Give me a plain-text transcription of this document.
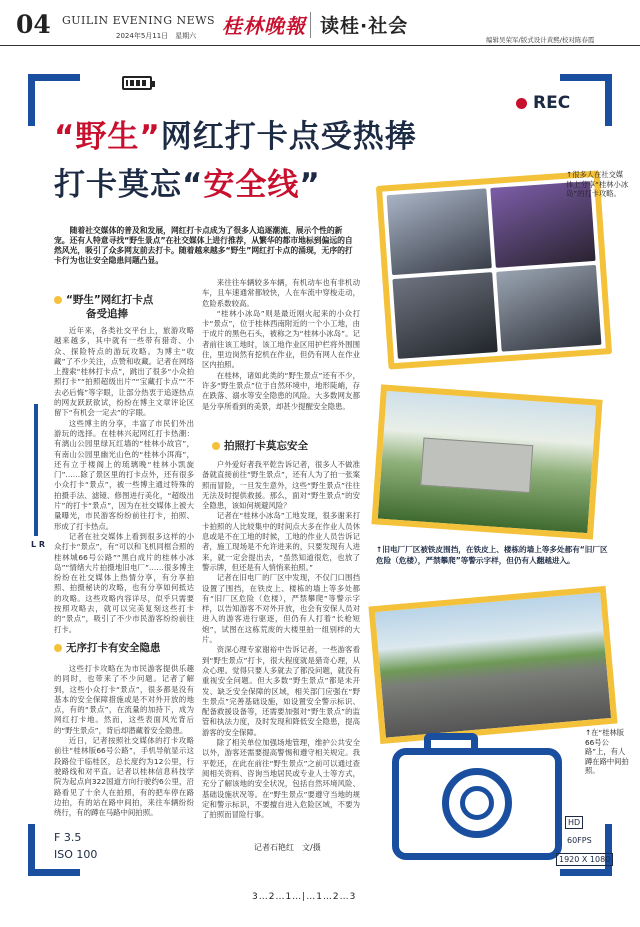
04 GUILIN EVENING NEWS
2024年5月11日　 星期六 桂林晚報 读桂·社会
编辑吴荣军/版式设计黄熙/校对陈春霞
REC
“野生”网红打卡点受热捧
打卡莫忘“安全线”
随着社交媒体的普及和发展，网红打卡点成为了很多人追逐潮流、展示个性的新宠。还有人特意寻找“野生景点”在社交媒体上进行推荐，从繁华的都市地标到偏远的自然风光，吸引了众多网友前去打卡。随着越来越多“野生”网红打卡点的涌现，无序的打卡行为也让安全隐患问题凸显。
↑很多人在社交媒体上分享“桂林小冰岛”的打卡攻略。
↑旧电厂厂区被铁皮围挡，在铁皮上、楼栋的墙上等多处都有“旧厂区危险（危楼），严禁攀爬”等警示字样，但仍有人翻越进入。
↑在“桂林版66号公路”上，有人蹲在路中间拍照。
“野生”网红打卡点
备受追捧

近年来，各类社交平台上，旅游攻略越来越多，其中就有一些带有猎奇、小众、探险特点的游玩攻略。为博主“收藏”了不少关注，点赞和收藏。记者在网络上搜索“桂林打卡点”，跳出了很多“小众拍照打卡”“拍照超级出片”“宝藏打卡点”“不去必后悔”等字眼，让部分热衷于追逐热点的网友跃跃欲试，纷纷在博主文章评论区留下“有机会一定去”的字眼。

这些博主的分享，丰富了市民们外出游玩的选择。在桂林兴起网红打卡热潮：有漓山公园里绿瓦红墙的“桂林小故宫”，有南山公园里幽光山色的“桂林小洱海”，还有立于楼阁上的琉璃晚“桂林小凯旋门”……除了景区里的打卡点外，还有很多小众打卡“景点”，被一些博主通过特殊的拍摄手法、滤镜、修图进行美化，“超级出片”的打卡“景点”，因为在社交媒体上被大量曝光，市民游客纷纷前往打卡，拍照、形成了打卡热点。

记者在社交媒体上看到很多这样的小众打卡“景点”，有“可以和飞机同框合照的桂林城66号公路”“黑白成片的桂林小冰岛”“情绪大片拍摄地旧电厂”……很多博主纷纷在社交媒体上热情分享，有分享拍照、拍摄秘诀的攻略，也有分享如何抵达的攻略。这些攻略内容详尽，似乎只需要按照攻略去，就可以完美复刻这些打卡的“景点”，吸引了不少市民游客纷纷前往打卡。

无序打卡有安全隐患

这些打卡攻略在为市民游客提供乐趣的同时，也带来了不少问题。记者了解到，这些小众打卡“景点”，很多都是没有基本的安全保障措施或是不对外开放的地点，有的“景点”，在流量的加持下，成为网红打卡地。然而，这些表面风光背后的“野生景点”，背后却潜藏着安全隐患。

近日，记者按照社交媒体的打卡攻略前往“桂林版66号公路”，手机导航显示这段路位于临桂区，总长度约为12公里，行驶路线和对平直。记者以桂林信息科技学院为起点向322国道方向行驶约6公里，沿路看见了十余人在拍照，有的把车停在路边拍，有的站在路中间拍，来往车辆纷纷绕行，有的蹲在马路中间拍照。

来往往车辆较多车辆，有机动车也有非机动车，且车速通常都较快，人在车流中穿梭走动，危险系数较高。

“桂林小冰岛”则是最近刚火起来的小众打卡“景点”，位于桂林西南附近的一个小工地，由于成片的黑色石头，被称之为“桂林小冰岛”。记者前往该工地时，该工地作业区用护栏将外围围住，里边岗然有挖机在作业，但仍有网人在作业区内拍照。

在桂林，诸如此类的“野生景点”还有不少，许多“野生景点”位于自然环境中，地形陡峭，存在跌落、溺水等安全隐患的风险。大多数网友都是分享所看到的美景，却甚少提醒安全隐患。

拍照打卡莫忘安全

户外爱好者我平乾告诉记者，很多人不做准备就直接前往“野生景点”，还有人为了拍一张案照而冒险，一旦发生意外，这些“野生景点”往往无法及时提供救援。那么，面对“野生景点”的安全隐患，该如何规避风险？

记者在“桂林小冰岛”工地发现，很多谢来打卡拍照的人比较集中的时间点大多在作业人员休息或是不在工地的时候，工地的作业人员告诉记者，施工现场是不允许进来的，只要发现有人进来，就一定会提出去，“虽然知道很危，也放了警示牌，但还是有人悄悄来拍照。”

记者在旧电厂的厂区中发现，不仅门口围挡设置了围挡，在铁皮上、楼栋的墙上等多处都有“旧厂区危险（危楼），严禁攀爬”等警示字样，以告知游客不对外开放，也会有安保人员对进入的游客进行驱逐，但仍有人打着“长枪短炮”，试图在这栋荒废的大楼里拍一组别样的大片。

资深心理专家谢裕中告诉记者，一些游客看到“野生景点”打卡，很大程度就是猎奇心理，从众心理。觉得只要人多就去了都没问题，就没有重视安全问题。但大多数“野生景点”都是未开发、缺乏安全保障的区域，相关部门应强在“野生景点”完善基础设施，如设置安全警示标识、配备救援设备等，还需要加强对“野生景点”的监管和执法力度，及时发现和降低安全隐患，提高游客的安全保障。

除了相关单位加强场地管理，维护公共安全以外，游客还需要提高警惕和遵守相关规定。我平乾还，在此在前往“野生景点”之前可以通过查阅相关资料、咨询当地居民或专业人士等方式，充分了解该地的安全状况，包括自然环境风险、基础设施状况等。在“野生景点”要遵守当地的规定和警示标识，不要擅自进入危险区域，不要为了拍照而冒险行事。

记者石艳红　文/摄
L R
F 3.5
ISO 100
HD
60FPS
1920 X 1080
3…2…1…|…1…2…3
